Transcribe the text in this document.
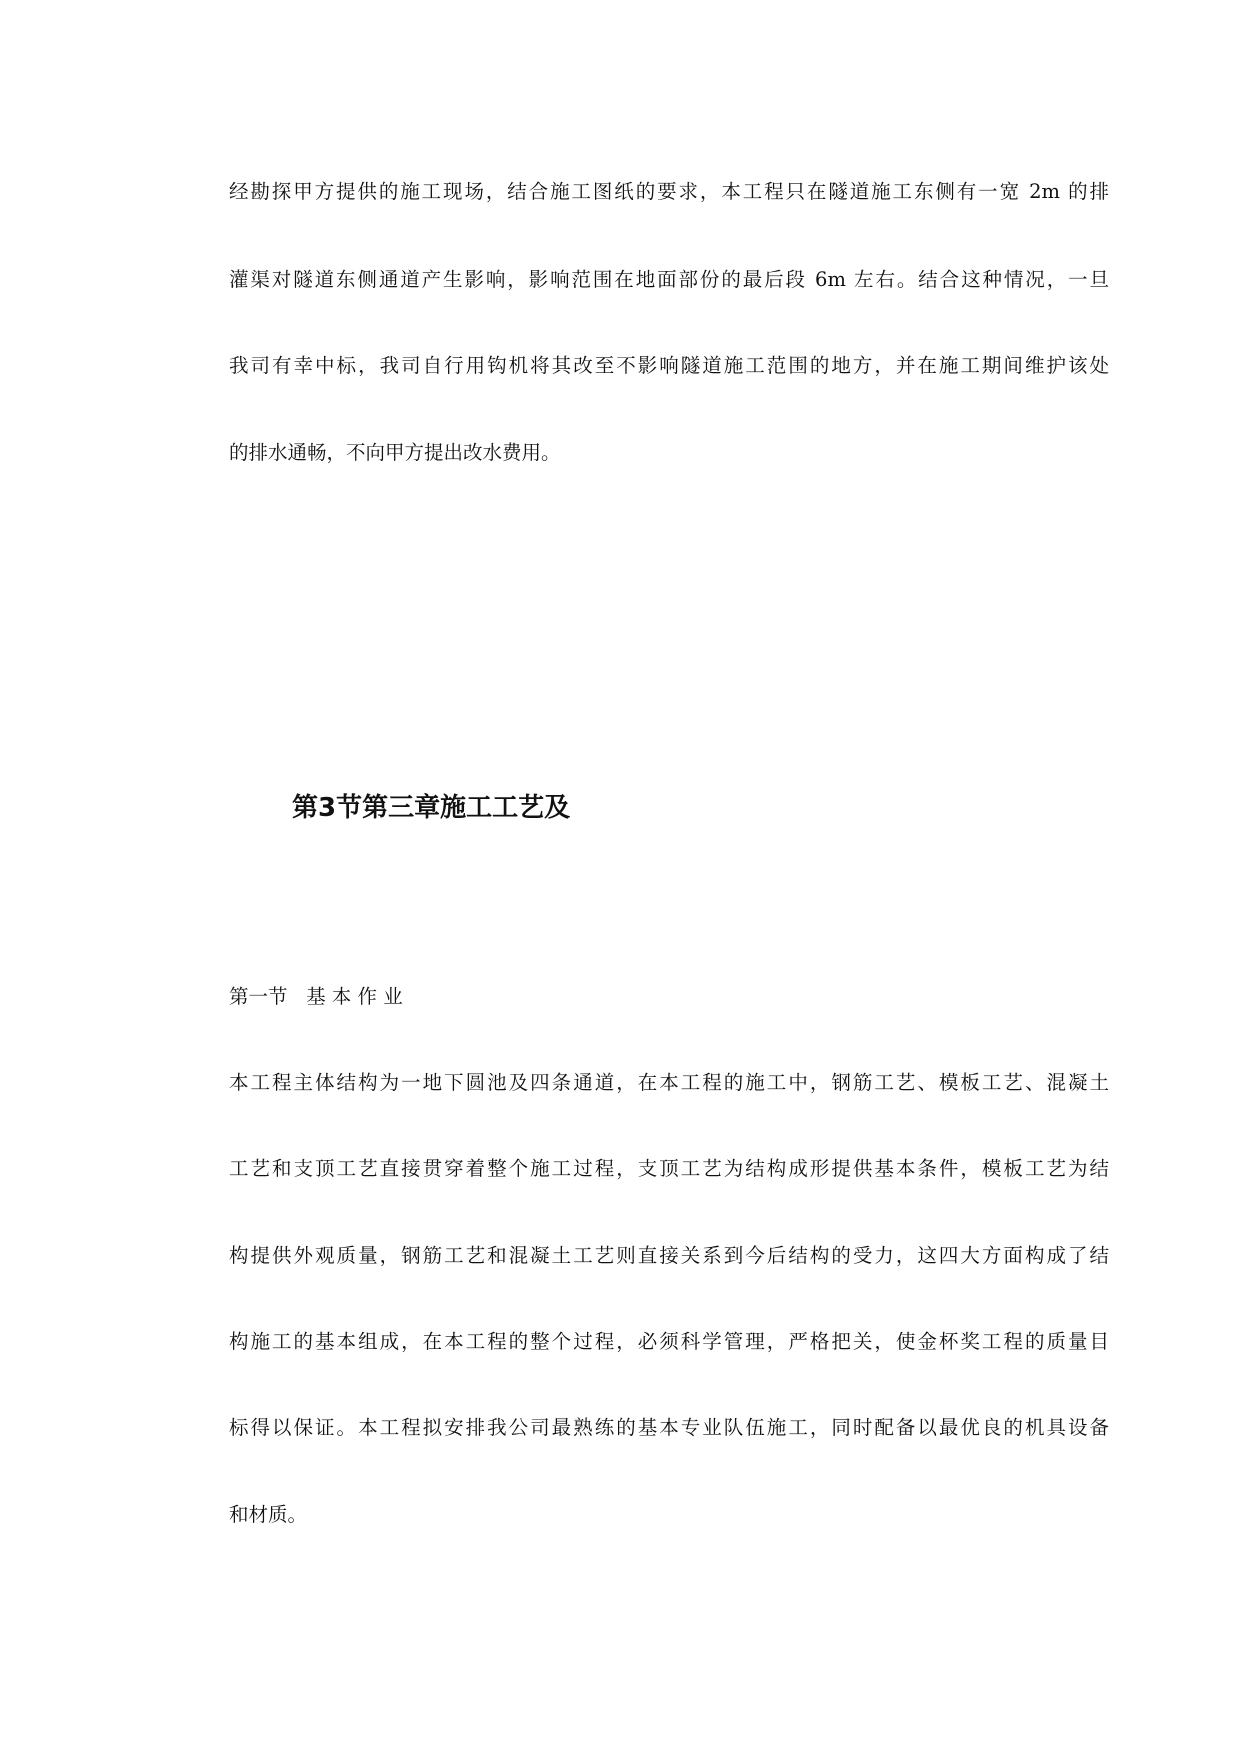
经勘探甲方提供的施工现场，结合施工图纸的要求，本工程只在隧道施工东侧有一宽 2m 的排
灌渠对隧道东侧通道产生影响，影响范围在地面部份的最后段 6m 左右。结合这种情况，一旦
我司有幸中标，我司自行用钩机将其改至不影响隧道施工范围的地方，并在施工期间维护该处
的排水通畅，不向甲方提出改水费用。
第3节第三章施工工艺及
第一节   基 本 作 业
本工程主体结构为一地下圆池及四条通道，在本工程的施工中，钢筋工艺、模板工艺、混凝土
工艺和支顶工艺直接贯穿着整个施工过程，支顶工艺为结构成形提供基本条件，模板工艺为结
构提供外观质量，钢筋工艺和混凝土工艺则直接关系到今后结构的受力，这四大方面构成了结
构施工的基本组成，在本工程的整个过程，必须科学管理，严格把关，使金杯奖工程的质量目
标得以保证。本工程拟安排我公司最熟练的基本专业队伍施工，同时配备以最优良的机具设备
和材质。
